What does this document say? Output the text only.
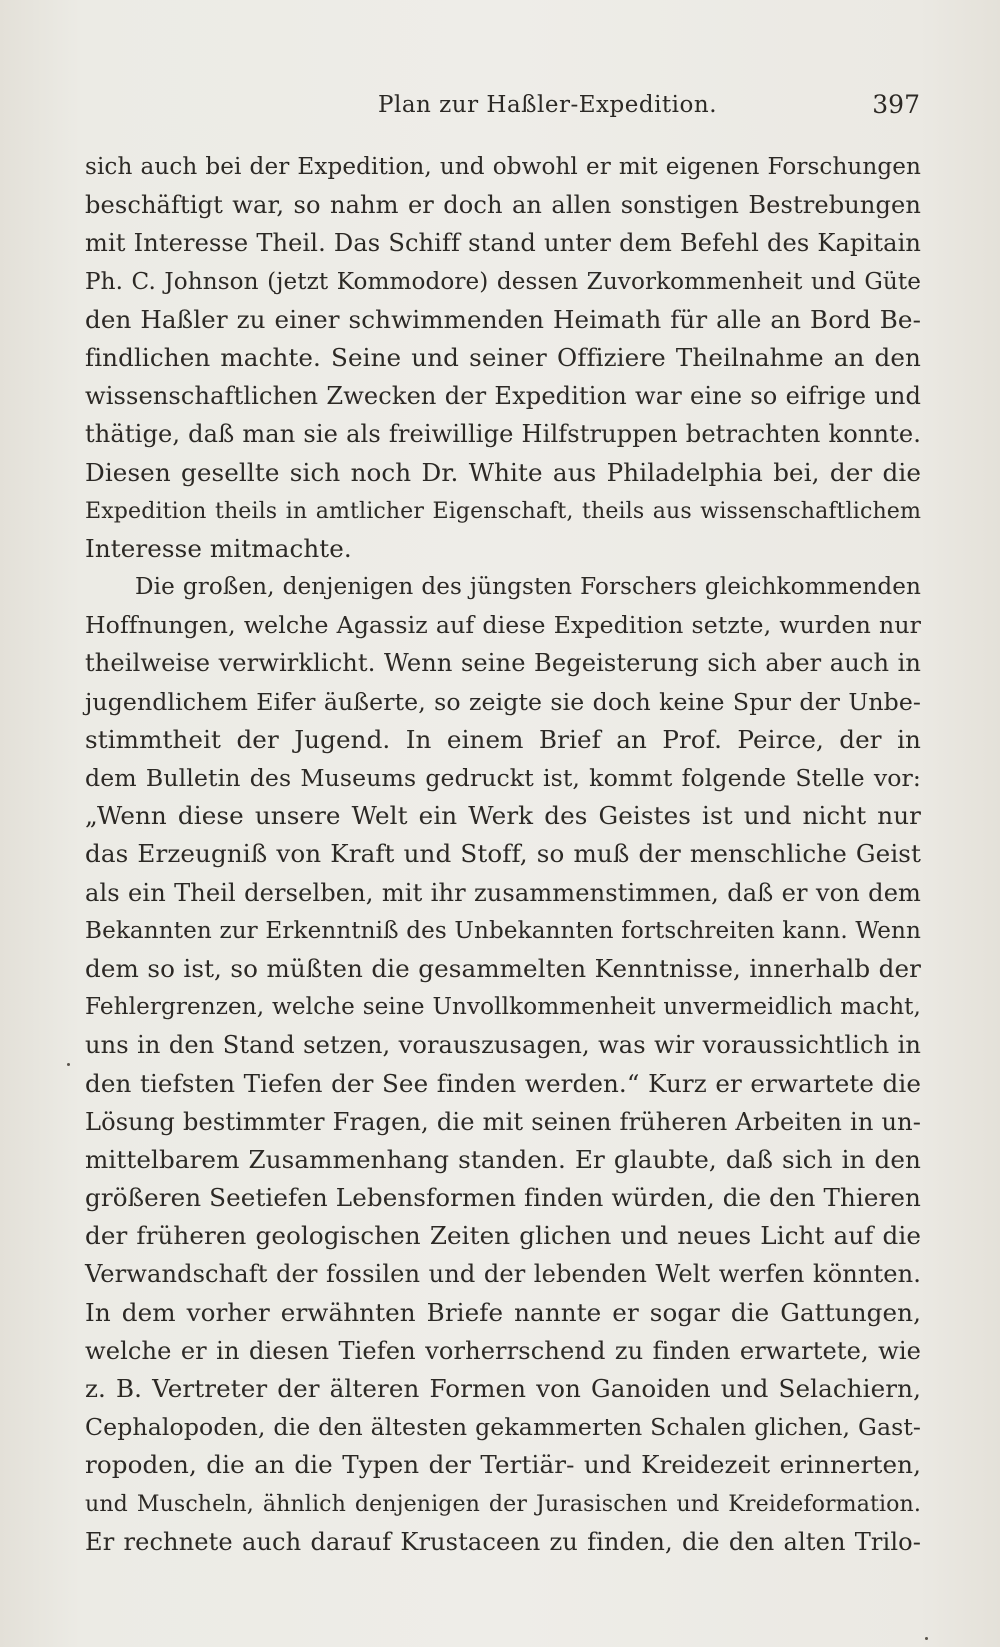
Plan zur Haßler-Expedition.	397
sich auch bei der Expedition, und obwohl er mit eigenen Forschungen
beschäftigt war, so nahm er doch an allen sonstigen Bestrebungen
mit Interesse Theil. Das Schiff stand unter dem Befehl des Kapitain
Ph. C. Johnson (jetzt Kommodore) dessen Zuvorkommenheit und Güte
den Haßler zu einer schwimmenden Heimath für alle an Bord Be-
findlichen machte. Seine und seiner Offiziere Theilnahme an den
wissenschaftlichen Zwecken der Expedition war eine so eifrige und
thätige, daß man sie als freiwillige Hilfstruppen betrachten konnte.
Diesen gesellte sich noch Dr. White aus Philadelphia bei, der die
Expedition theils in amtlicher Eigenschaft, theils aus wissenschaftlichem
Interesse mitmachte.
Die großen, denjenigen des jüngsten Forschers gleichkommenden
Hoffnungen, welche Agassiz auf diese Expedition setzte, wurden nur
theilweise verwirklicht. Wenn seine Begeisterung sich aber auch in
jugendlichem Eifer äußerte, so zeigte sie doch keine Spur der Unbe-
stimmtheit der Jugend. In einem Brief an Prof. Peirce, der in
dem Bulletin des Museums gedruckt ist, kommt folgende Stelle vor:
„Wenn diese unsere Welt ein Werk des Geistes ist und nicht nur
das Erzeugniß von Kraft und Stoff, so muß der menschliche Geist
als ein Theil derselben, mit ihr zusammenstimmen, daß er von dem
Bekannten zur Erkenntniß des Unbekannten fortschreiten kann. Wenn
dem so ist, so müßten die gesammelten Kenntnisse, innerhalb der
Fehlergrenzen, welche seine Unvollkommenheit unvermeidlich macht,
uns in den Stand setzen, vorauszusagen, was wir voraussichtlich in
den tiefsten Tiefen der See finden werden.“ Kurz er erwartete die
Lösung bestimmter Fragen, die mit seinen früheren Arbeiten in un-
mittelbarem Zusammenhang standen. Er glaubte, daß sich in den
größeren Seetiefen Lebensformen finden würden, die den Thieren
der früheren geologischen Zeiten glichen und neues Licht auf die
Verwandschaft der fossilen und der lebenden Welt werfen könnten.
In dem vorher erwähnten Briefe nannte er sogar die Gattungen,
welche er in diesen Tiefen vorherrschend zu finden erwartete, wie
z. B. Vertreter der älteren Formen von Ganoiden und Selachiern,
Cephalopoden, die den ältesten gekammerten Schalen glichen, Gast-
ropoden, die an die Typen der Tertiär- und Kreidezeit erinnerten,
und Muscheln, ähnlich denjenigen der Jurasischen und Kreideformation.
Er rechnete auch darauf Krustaceen zu finden, die den alten Trilo-
